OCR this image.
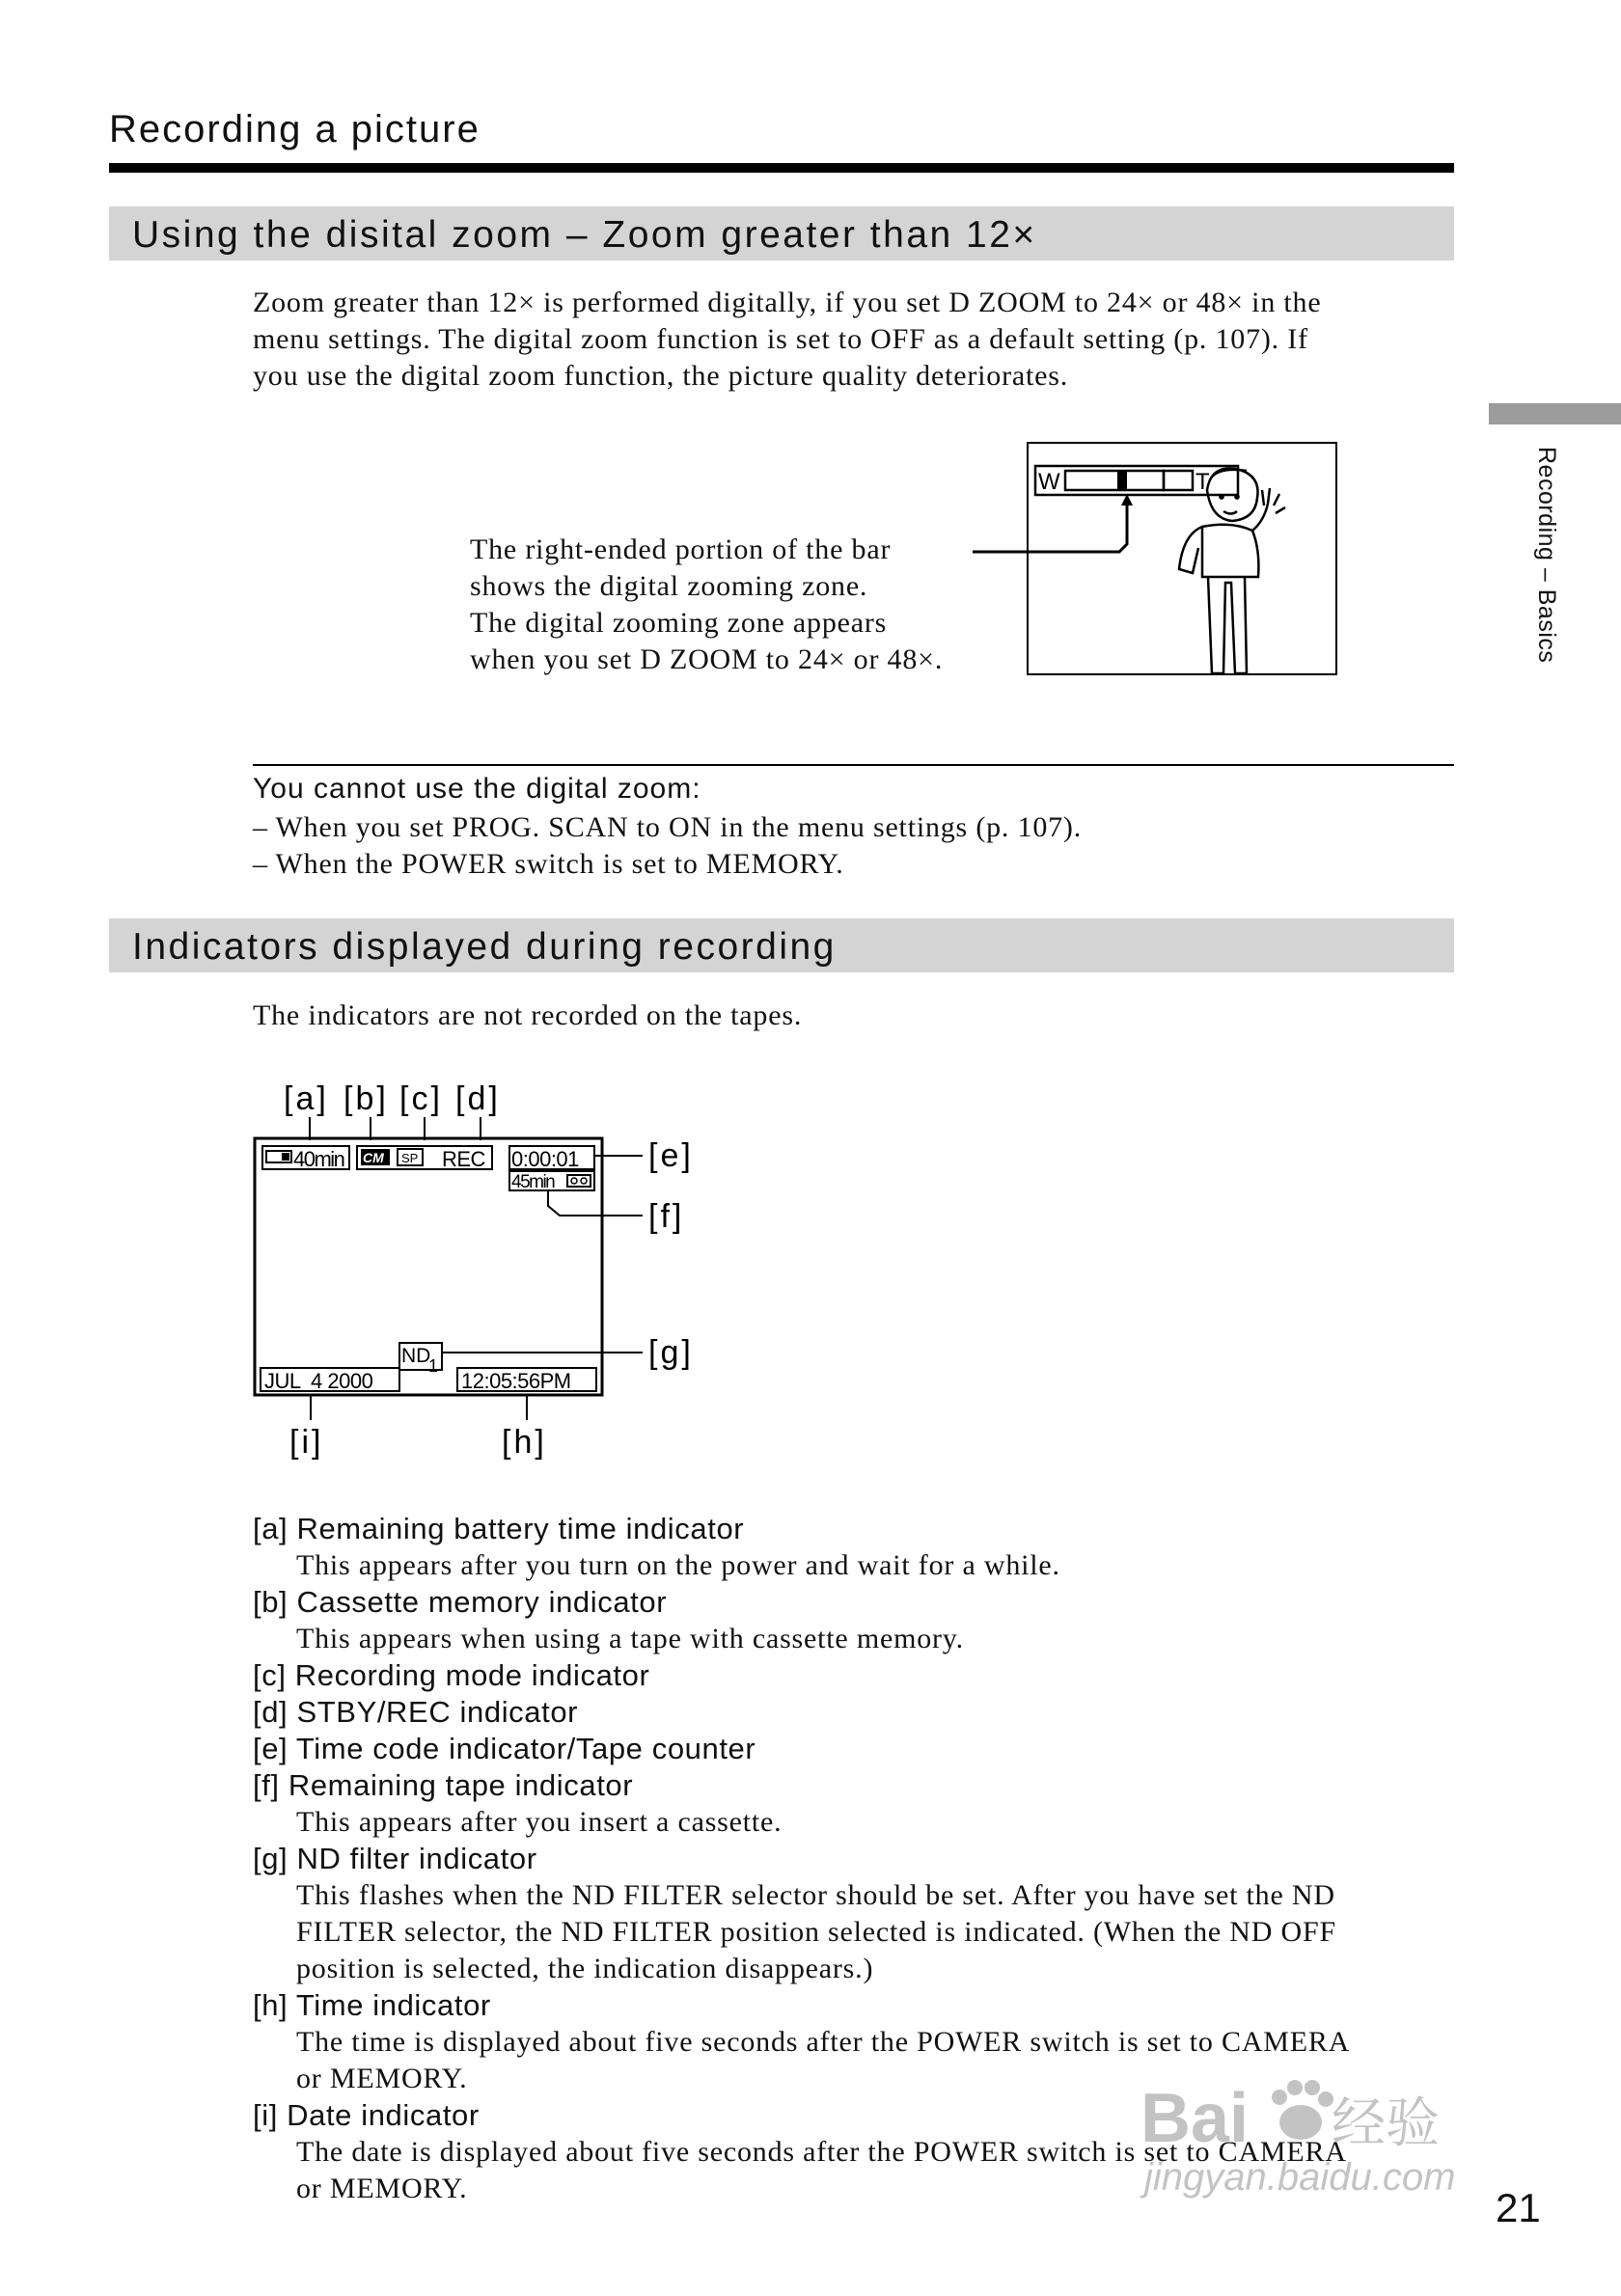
Recording a picture
Using the disital zoom – Zoom greater than 12×
Zoom greater than 12× is performed digitally, if you set D ZOOM to 24× or 48× in the
menu settings. The digital zoom function is set to OFF as a default setting (p. 107). If
you use the digital zoom function, the picture quality deteriorates.
The right-ended portion of the bar
shows the digital zooming zone.
The digital zooming zone appears
when you set D ZOOM to 24× or 48×.
W	T
You cannot use the digital zoom:
– When you set PROG. SCAN to ON in the menu settings (p. 107).
– When the POWER switch is set to MEMORY.
Indicators displayed during recording
The indicators are not recorded on the tapes.
[a] [b] [c] [d]
40min CM SP REC 0:00:01 [e]
45min
[f]
ND
1	[g]
JUL  4 2000
[i]
12:05:56PM
[h]
[a] Remaining battery time indicator
This appears after you turn on the power and wait for a while.
[b] Cassette memory indicator
This appears when using a tape with cassette memory.
[c] Recording mode indicator
[d] STBY/REC indicator
[e] Time code indicator/Tape counter
[f] Remaining tape indicator
This appears after you insert a cassette.
[g] ND filter indicator
This flashes when the ND FILTER selector should be set. After you have set the ND
FILTER selector, the ND FILTER position selected is indicated. (When the ND OFF
position is selected, the indication disappears.)
[h] Time indicator
The time is displayed about five seconds after the POWER switch is set to CAMERA
or MEMORY.
[i] Date indicator
The date is displayed about five seconds after the POWER switch is set to CAMERA
or MEMORY.
Recording – Basics
Bai 经验
jingyan.baidu.com
21
